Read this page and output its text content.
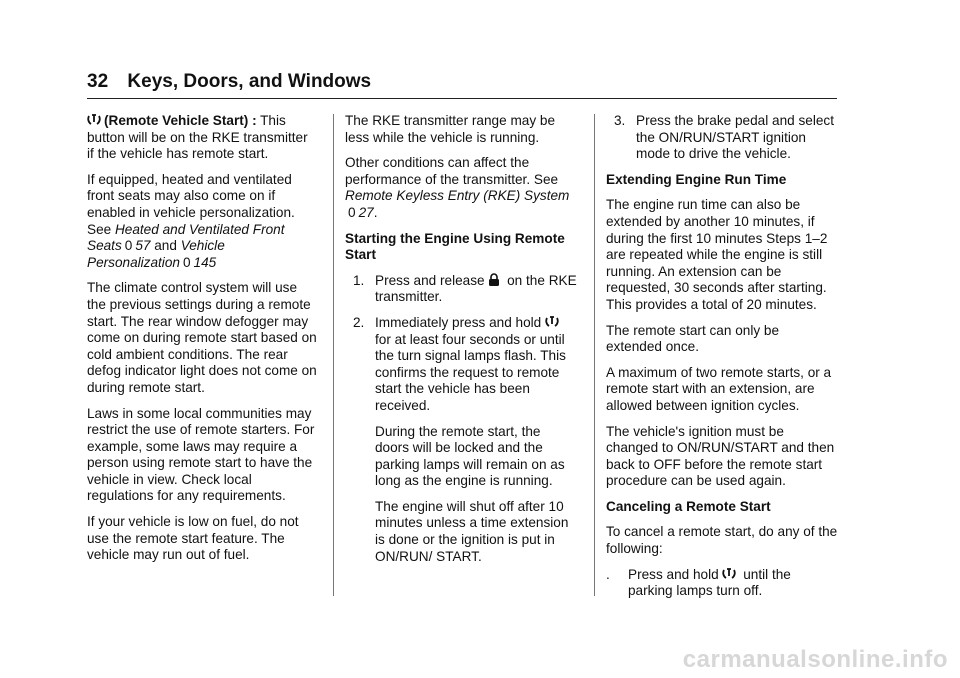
32 Keys, Doors, and Windows

(Remote Vehicle Start) : This button will be on the RKE transmitter if the vehicle has remote start.

If equipped, heated and ventilated front seats may also come on if enabled in vehicle personalization. See Heated and Ventilated Front Seats 0 57 and Vehicle Personalization 0 145

The climate control system will use the previous settings during a remote start. The rear window defogger may come on during remote start based on cold ambient conditions. The rear defog indicator light does not come on during remote start.

Laws in some local communities may restrict the use of remote starters. For example, some laws may require a person using remote start to have the vehicle in view. Check local regulations for any requirements.

If your vehicle is low on fuel, do not use the remote start feature. The vehicle may run out of fuel.

The RKE transmitter range may be less while the vehicle is running.

Other conditions can affect the performance of the transmitter. See Remote Keyless Entry (RKE) System0 27.

Starting the Engine Using Remote Start

1. Press and release
on the RKE transmitter.

2. Immediately press and hold
for at least four seconds or until the turn signal lamps flash. This confirms the request to remote start the vehicle has been received.

During the remote start, the doors will be locked and the parking lamps will remain on as long as the engine is running.

The engine will shut off after 10 minutes unless a time extension is done or the ignition is put in ON/RUN/ START.

3. Press the brake pedal and select the ON/RUN/START ignition mode to drive the vehicle.

Extending Engine Run Time

The engine run time can also be extended by another 10 minutes, if during the first 10 minutes Steps 1–2 are repeated while the engine is still running. An extension can be requested, 30 seconds after starting. This provides a total of 20 minutes.

The remote start can only be extended once.

A maximum of two remote starts, or a remote start with an extension, are allowed between ignition cycles.

The vehicle's ignition must be changed to ON/RUN/START and then back to OFF before the remote start procedure can be used again.

Canceling a Remote Start

To cancel a remote start, do any of the following:

. Press and hold
until the parking lamps turn off.

carmanualsonline.info
